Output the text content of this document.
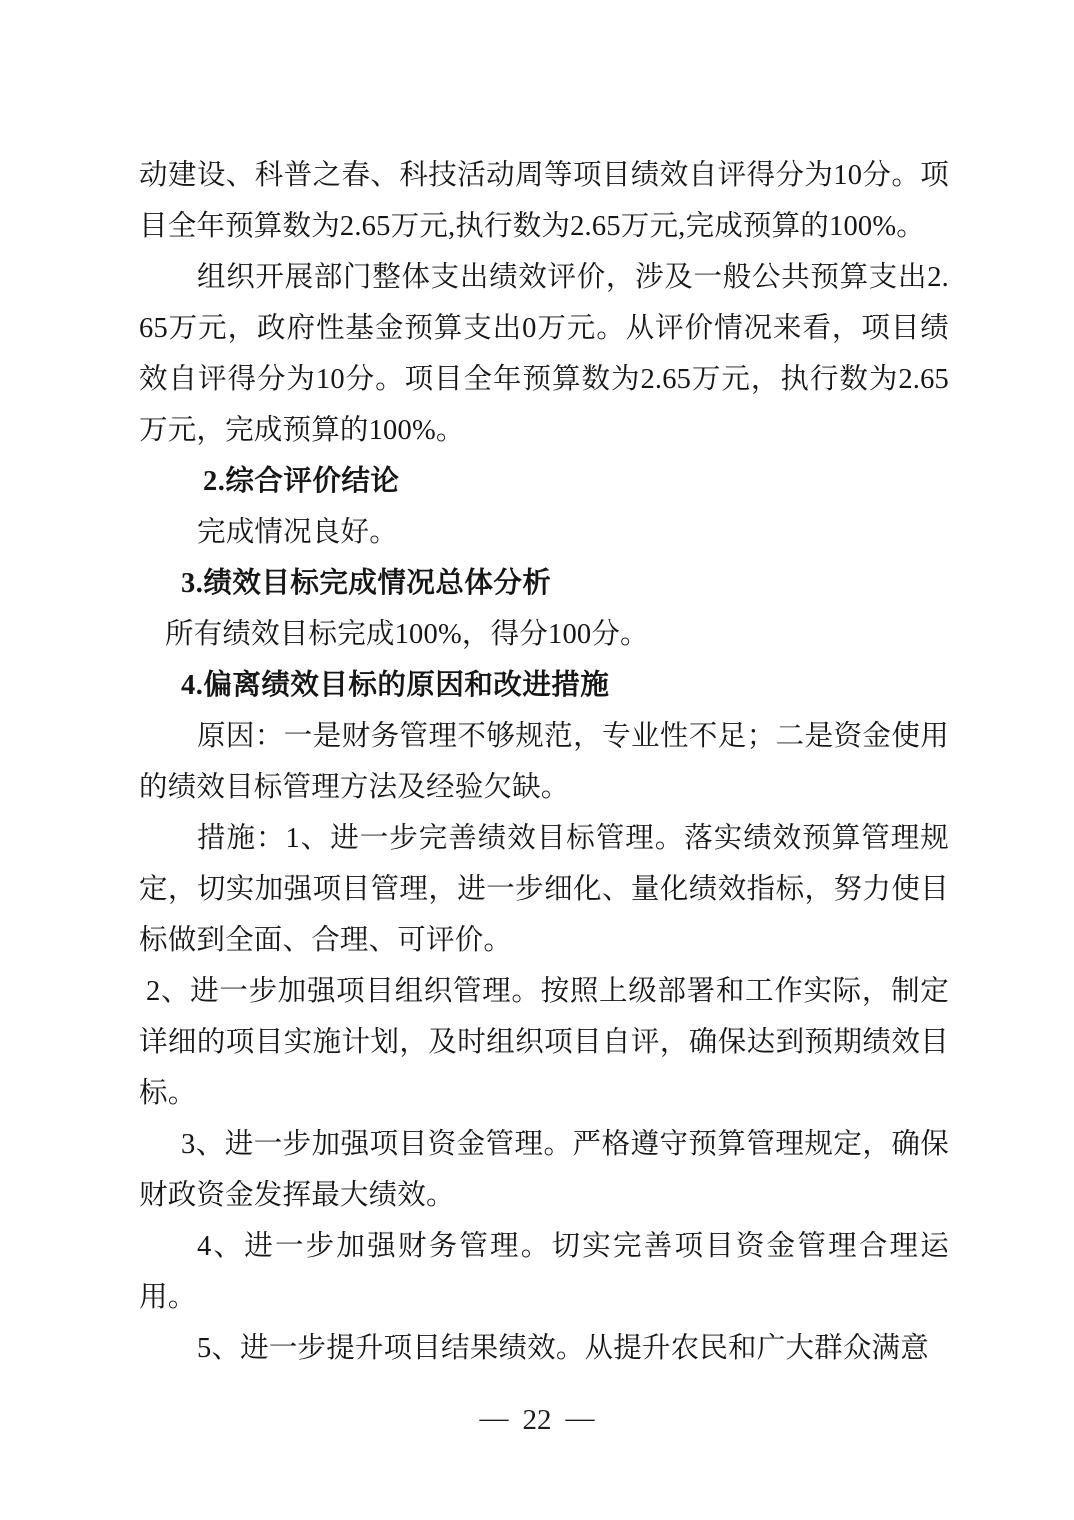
动建设、科普之春、科技活动周等项目绩效自评得分为10分。项目全年预算数为2.65万元,执行数为2.65万元,完成预算的100%。

组织开展部门整体支出绩效评价，涉及一般公共预算支出2.65万元，政府性基金预算支出0万元。从评价情况来看，项目绩效自评得分为10分。项目全年预算数为2.65万元，执行数为2.65万元，完成预算的100%。

2.综合评价结论

完成情况良好。

3.绩效目标完成情况总体分析

所有绩效目标完成100%，得分100分。

4.偏离绩效目标的原因和改进措施

原因：一是财务管理不够规范，专业性不足；二是资金使用的绩效目标管理方法及经验欠缺。

措施：1、进一步完善绩效目标管理。落实绩效预算管理规定，切实加强项目管理，进一步细化、量化绩效指标，努力使目标做到全面、合理、可评价。

2、进一步加强项目组织管理。按照上级部署和工作实际，制定详细的项目实施计划，及时组织项目自评，确保达到预期绩效目标。

3、进一步加强项目资金管理。严格遵守预算管理规定，确保财政资金发挥最大绩效。

4、进一步加强财务管理。切实完善项目资金管理合理运用。

5、进一步提升项目结果绩效。从提升农民和广大群众满意

— 22 —
